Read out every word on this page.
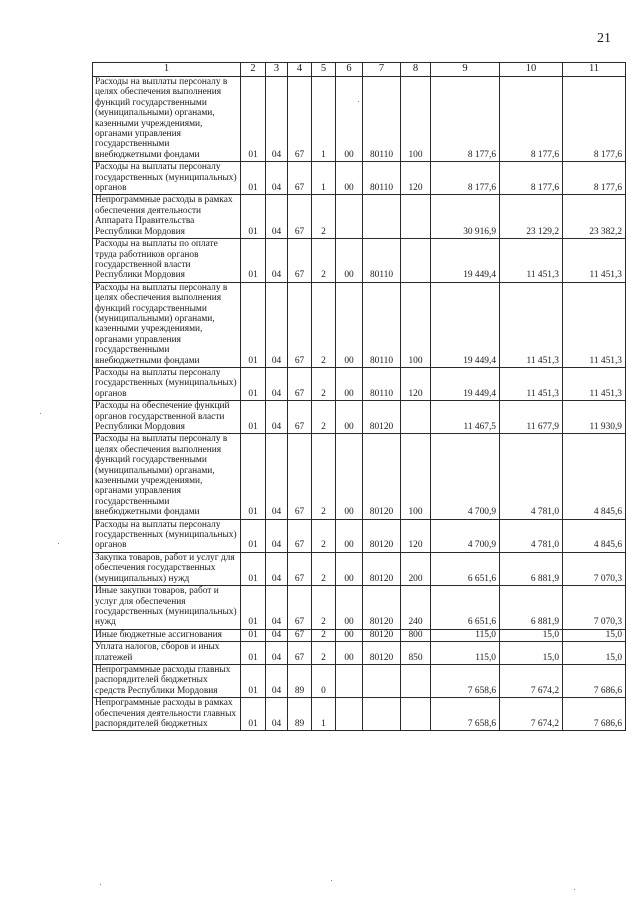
21
1	2	3	4	5	6	7	8	9	10	11

Расходы на выплаты персоналу в целях обеспечения выполнения функций государственными (муниципальными) органами, казенными учреждениями, органами управления государственными внебюджетными фондами	01	04	67	1	00	80110	100	8 177,6	8 177,6	8 177,6

Расходы на выплаты персоналу государственных (муниципальных) органов	01	04	67	1	00	80110	120	8 177,6	8 177,6	8 177,6

Непрограммные расходы в рамках обеспечения деятельности Аппарата Правительства Республики Мордовия	01	04	67	2				30 916,9	23 129,2	23 382,2

Расходы на выплаты по оплате труда работников органов государственной власти Республики Мордовия	01	04	67	2	00	80110		19 449,4	11 451,3	11 451,3

Расходы на выплаты персоналу в целях обеспечения выполнения функций государственными (муниципальными) органами, казенными учреждениями, органами управления государственными внебюджетными фондами	01	04	67	2	00	80110	100	19 449,4	11 451,3	11 451,3

Расходы на выплаты персоналу государственных (муниципальных) органов	01	04	67	2	00	80110	120	19 449,4	11 451,3	11 451,3

Расходы на обеспечение функций органов государственной власти Республики Мордовия	01	04	67	2	00	80120		11 467,5	11 677,9	11 930,9

Расходы на выплаты персоналу в целях обеспечения выполнения функций государственными (муниципальными) органами, казенными учреждениями, органами управления государственными внебюджетными фондами	01	04	67	2	00	80120	100	4 700,9	4 781,0	4 845,6

Расходы на выплаты персоналу государственных (муниципальных) органов	01	04	67	2	00	80120	120	4 700,9	4 781,0	4 845,6

Закупка товаров, работ и услуг для обеспечения государственных (муниципальных) нужд	01	04	67	2	00	80120	200	6 651,6	6 881,9	7 070,3

Иные закупки товаров, работ и услуг для обеспечения государственных (муниципальных) нужд	01	04	67	2	00	80120	240	6 651,6	6 881,9	7 070,3

Иные бюджетные ассигнования	01	04	67	2	00	80120	800	115,0	15,0	15,0

Уплата налогов, сборов и иных платежей	01	04	67	2	00	80120	850	115,0	15,0	15,0

Непрограммные расходы главных распорядителей бюджетных средств Республики Мордовия	01	04	89	0				7 658,6	7 674,2	7 686,6

Непрограммные расходы в рамках обеспечения деятельности главных распорядителей бюджетных	01	04	89	1				7 658,6	7 674,2	7 686,6
